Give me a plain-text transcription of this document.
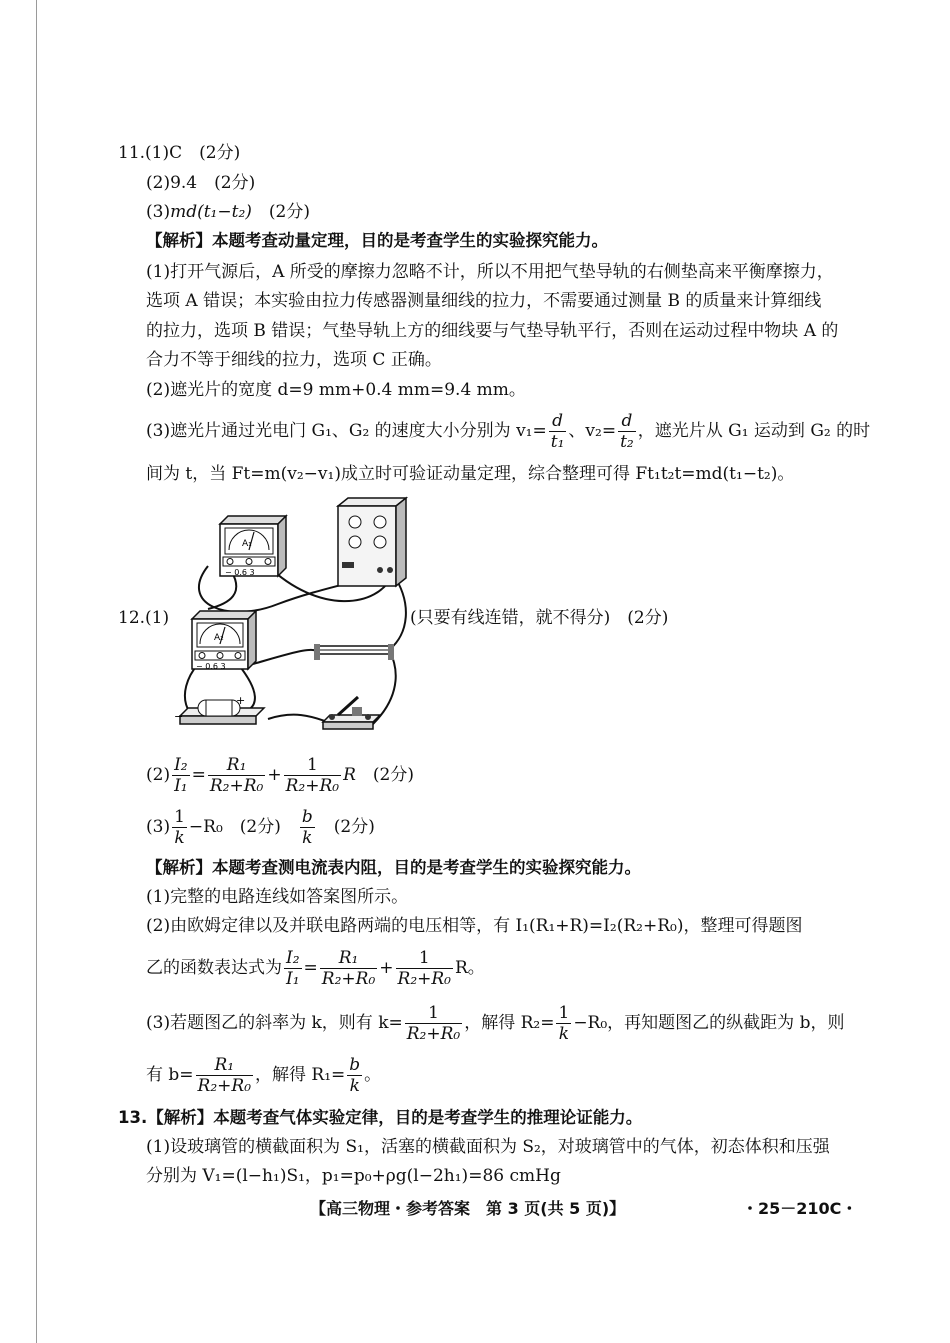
11.(1)C　(2分)
(2)9.4　(2分)
(3)md(t₁−t₂)　(2分)
【解析】本题考查动量定理，目的是考查学生的实验探究能力。
(1)打开气源后，A 所受的摩擦力忽略不计，所以不用把气垫导轨的右侧垫高来平衡摩擦力，
选项 A 错误；本实验由拉力传感器测量细线的拉力，不需要通过测量 B 的质量来计算细线
的拉力，选项 B 错误；气垫导轨上方的细线要与气垫导轨平行，否则在运动过程中物块 A 的
合力不等于细线的拉力，选项 C 正确。
(2)遮光片的宽度 d=9 mm+0.4 mm=9.4 mm。
(3)遮光片通过光电门 G₁、G₂ 的速度大小分别为 $v_1= \frac{d}{\text{t₁}}$ 、$v_2= \frac{d}{\text{t₂}}$ ，遮光片从 G₁ 运动到 G₂ 的时
间为 t，当 Ft=m(v₂−v₁)成立时可验证动量定理，综合整理可得 Ft₁t₂t=md(t₁−t₂)。
12.(1)	(只要有线连错，就不得分)　(2分)
A₁
− 0.6 3
A₂
− 0.6 3
−
+
$(2) \frac{\text{I₂}}{\text{I₁}} = \frac{\text{R₁}}{\text{R₂+R₀}} + \frac{1}{\text{R₂+R₀}}$ R　(2分)
$(3) \frac{1}{k} -R_0$　(2分)　 $\frac{b}{k}$ 　(2分)
【解析】本题考查测电流表内阻，目的是考查学生的实验探究能力。
(1)完整的电路连线如答案图所示。
(2)由欧姆定律以及并联电路两端的电压相等，有 I₁(R₁+R)=I₂(R₂+R₀)，整理可得题图
乙的函数表达式为 $\frac{\text{I₂}}{\text{I₁}} = \frac{\text{R₁}}{\text{R₂+R₀}} + \frac{1}{\text{R₂+R₀}}$ R。
(3)若题图乙的斜率为 k，则有 $k= \frac{1}{\text{R₂+R₀}}$ ，解得 $R_2= \frac{1}{k} -R_0$，再知题图乙的纵截距为 b，则
有 $b= \frac{\text{R₁}}{\text{R₂+R₀}}$ ，解得 $R_1= \frac{b}{k}$ 。
13.【解析】本题考查气体实验定律，目的是考查学生的推理论证能力。
(1)设玻璃管的横截面积为 S₁，活塞的横截面积为 S₂，对玻璃管中的气体，初态体积和压强
分别为 V₁=(l−h₁)S₁，p₁=p₀+ρg(l−2h₁)=86 cmHg
【高三物理・参考答案　第 3 页(共 5 页)】	・25－210C・
